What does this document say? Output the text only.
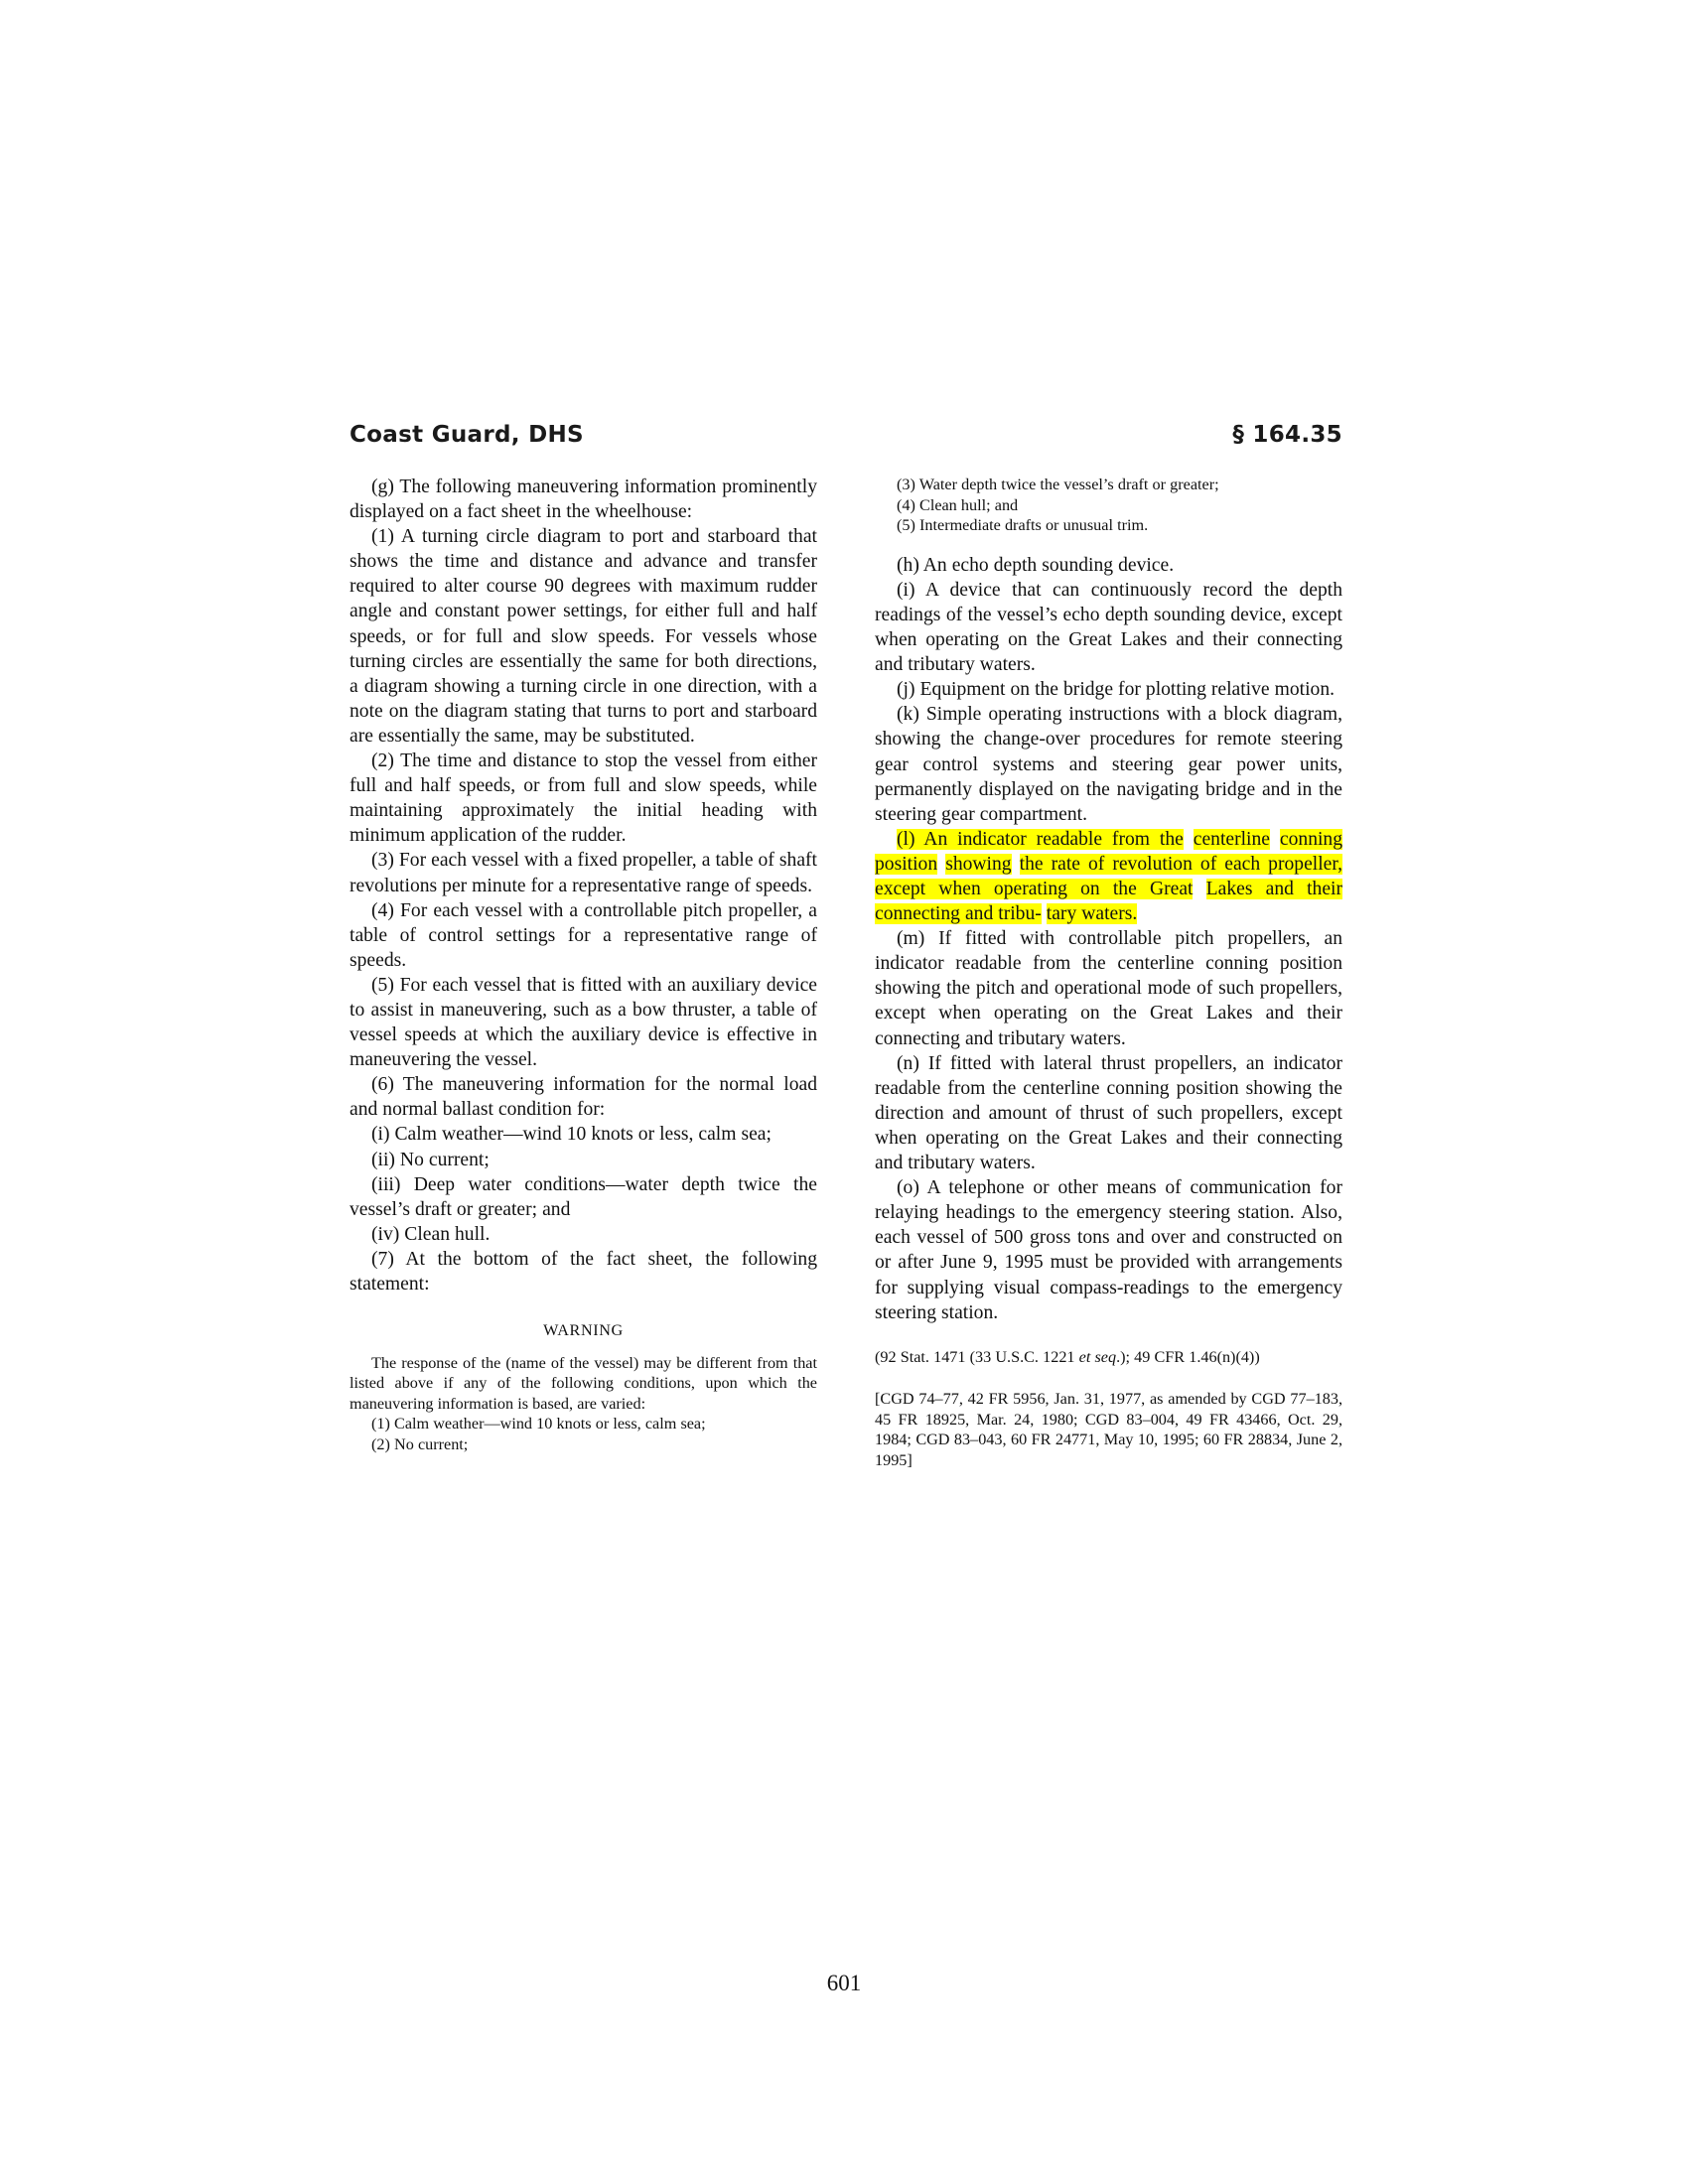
Coast Guard, DHS	§ 164.35

(g) The following maneuvering information prominently displayed on a fact sheet in the wheelhouse:

(1) A turning circle diagram to port and starboard that shows the time and distance and advance and transfer required to alter course 90 degrees with maximum rudder angle and constant power settings, for either full and half speeds, or for full and slow speeds. For vessels whose turning circles are essentially the same for both directions, a diagram showing a turning circle in one direction, with a note on the diagram stating that turns to port and starboard are essentially the same, may be substituted.

(2) The time and distance to stop the vessel from either full and half speeds, or from full and slow speeds, while maintaining approximately the initial heading with minimum application of the rudder.

(3) For each vessel with a fixed propeller, a table of shaft revolutions per minute for a representative range of speeds.

(4) For each vessel with a controllable pitch propeller, a table of control settings for a representative range of speeds.

(5) For each vessel that is fitted with an auxiliary device to assist in maneuvering, such as a bow thruster, a table of vessel speeds at which the auxiliary device is effective in maneuvering the vessel.

(6) The maneuvering information for the normal load and normal ballast condition for:

(i) Calm weather—wind 10 knots or less, calm sea;

(ii) No current;

(iii) Deep water conditions—water depth twice the vessel’s draft or greater; and

(iv) Clean hull.

(7) At the bottom of the fact sheet, the following statement:

WARNING

The response of the (name of the vessel) may be different from that listed above if any of the following conditions, upon which the maneuvering information is based, are varied:

(1) Calm weather—wind 10 knots or less, calm sea;

(2) No current;

(3) Water depth twice the vessel’s draft or greater;

(4) Clean hull; and

(5) Intermediate drafts or unusual trim.

(h) An echo depth sounding device.

(i) A device that can continuously record the depth readings of the vessel’s echo depth sounding device, except when operating on the Great Lakes and their connecting and tributary waters.

(j) Equipment on the bridge for plotting relative motion.

(k) Simple operating instructions with a block diagram, showing the change-over procedures for remote steering gear control systems and steering gear power units, permanently displayed on the navigating bridge and in the steering gear compartment.

(l) An indicator readable from the centerline conning position showing the rate of revolution of each propeller, except when operating on the Great Lakes and their connecting and tribu- tary waters.

(m) If fitted with controllable pitch propellers, an indicator readable from the centerline conning position showing the pitch and operational mode of such propellers, except when operating on the Great Lakes and their connecting and tributary waters.

(n) If fitted with lateral thrust propellers, an indicator readable from the centerline conning position showing the direction and amount of thrust of such propellers, except when operating on the Great Lakes and their connecting and tributary waters.

(o) A telephone or other means of communication for relaying headings to the emergency steering station. Also, each vessel of 500 gross tons and over and constructed on or after June 9, 1995 must be provided with arrangements for supplying visual compass-readings to the emergency steering station.

(92 Stat. 1471 (33 U.S.C. 1221 et seq.); 49 CFR 1.46(n)(4))

[CGD 74–77, 42 FR 5956, Jan. 31, 1977, as amended by CGD 77–183, 45 FR 18925, Mar. 24, 1980; CGD 83–004, 49 FR 43466, Oct. 29, 1984; CGD 83–043, 60 FR 24771, May 10, 1995; 60 FR 28834, June 2, 1995]

601
